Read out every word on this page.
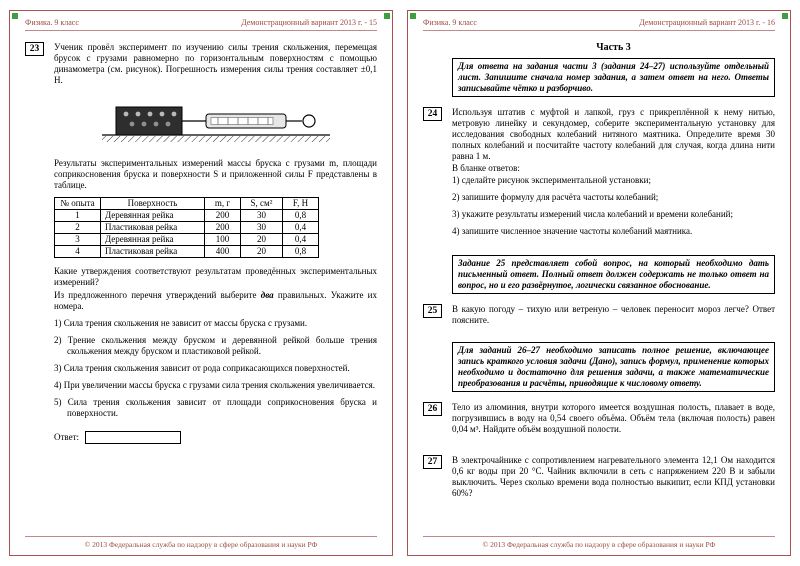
Физика. 9 класс	Демонстрационный вариант 2013 г. - 15
23	Ученик провёл эксперимент по изучению силы трения скольжения, перемещая брусок с грузами равномерно по горизонтальным поверхностям с помощью динамометра (см. рисунок). Погрешность измерения силы трения составляет ±0,1 Н.

Результаты экспериментальных измерений массы бруска с грузами m, площади соприкосновения бруска и поверхности S и приложенной силы F представлены в таблице.

№ опыта	Поверхность	m, г	S, см²	F, Н
1	Деревянная рейка	200	30	0,8
2	Пластиковая рейка	200	30	0,4
3	Деревянная рейка	100	20	0,4
4	Пластиковая рейка	400	20	0,8

Какие утверждения соответствуют результатам проведённых экспериментальных измерений?

Из предложенного перечня утверждений выберите два правильных. Укажите их номера.

1) Сила трения скольжения не зависит от массы бруска с грузами.

2) Трение скольжения между бруском и деревянной рейкой больше трения скольжения между бруском и пластиковой рейкой.

3) Сила трения скольжения зависит от рода соприкасающихся поверхностей.

4) При увеличении массы бруска с грузами сила трения скольжения увеличивается.

5) Сила трения скольжения зависит от площади соприкосновения бруска и поверхности.

Ответ:
© 2013 Федеральная служба по надзору в сфере образования и науки РФ
Физика. 9 класс	Демонстрационный вариант 2013 г. - 16

Часть 3

Для ответа на задания части 3 (задания 24–27) используйте отдельный лист. Запишите сначала номер задания, а затем ответ на него. Ответы записывайте чётко и разборчиво.
24	Используя штатив с муфтой и лапкой, груз с прикреплённой к нему нитью, метровую линейку и секундомер, соберите экспериментальную установку для исследования свободных колебаний нитяного маятника. Определите время 30 полных колебаний и посчитайте частоту колебаний для случая, когда длина нити равна 1 м.

В бланке ответов:

1) сделайте рисунок экспериментальной установки;

2) запишите формулу для расчёта частоты колебаний;

3) укажите результаты измерений числа колебаний и времени колебаний;

4) запишите численное значение частоты колебаний маятника.

Задание 25 представляет собой вопрос, на который необходимо дать письменный ответ. Полный ответ должен содержать не только ответ на вопрос, но и его развёрнутое, логически связанное обоснование.
25	В какую погоду – тихую или ветреную – человек переносит мороз легче? Ответ поясните.

Для заданий 26–27 необходимо записать полное решение, включающее запись краткого условия задачи (Дано), запись формул, применение которых необходимо и достаточно для решения задачи, а также математические преобразования и расчёты, приводящие к числовому ответу.
26	Тело из алюминия, внутри которого имеется воздушная полость, плавает в воде, погрузившись в воду на 0,54 своего объёма. Объём тела (включая полость) равен 0,04 м³. Найдите объём воздушной полости.

27	В электрочайнике с сопротивлением нагревательного элемента 12,1 Ом находится 0,6 кг воды при 20 °С. Чайник включили в сеть с напряжением 220 В и забыли выключить. Через сколько времени вода полностью выкипит, если КПД установки 60%?

© 2013 Федеральная служба по надзору в сфере образования и науки РФ
